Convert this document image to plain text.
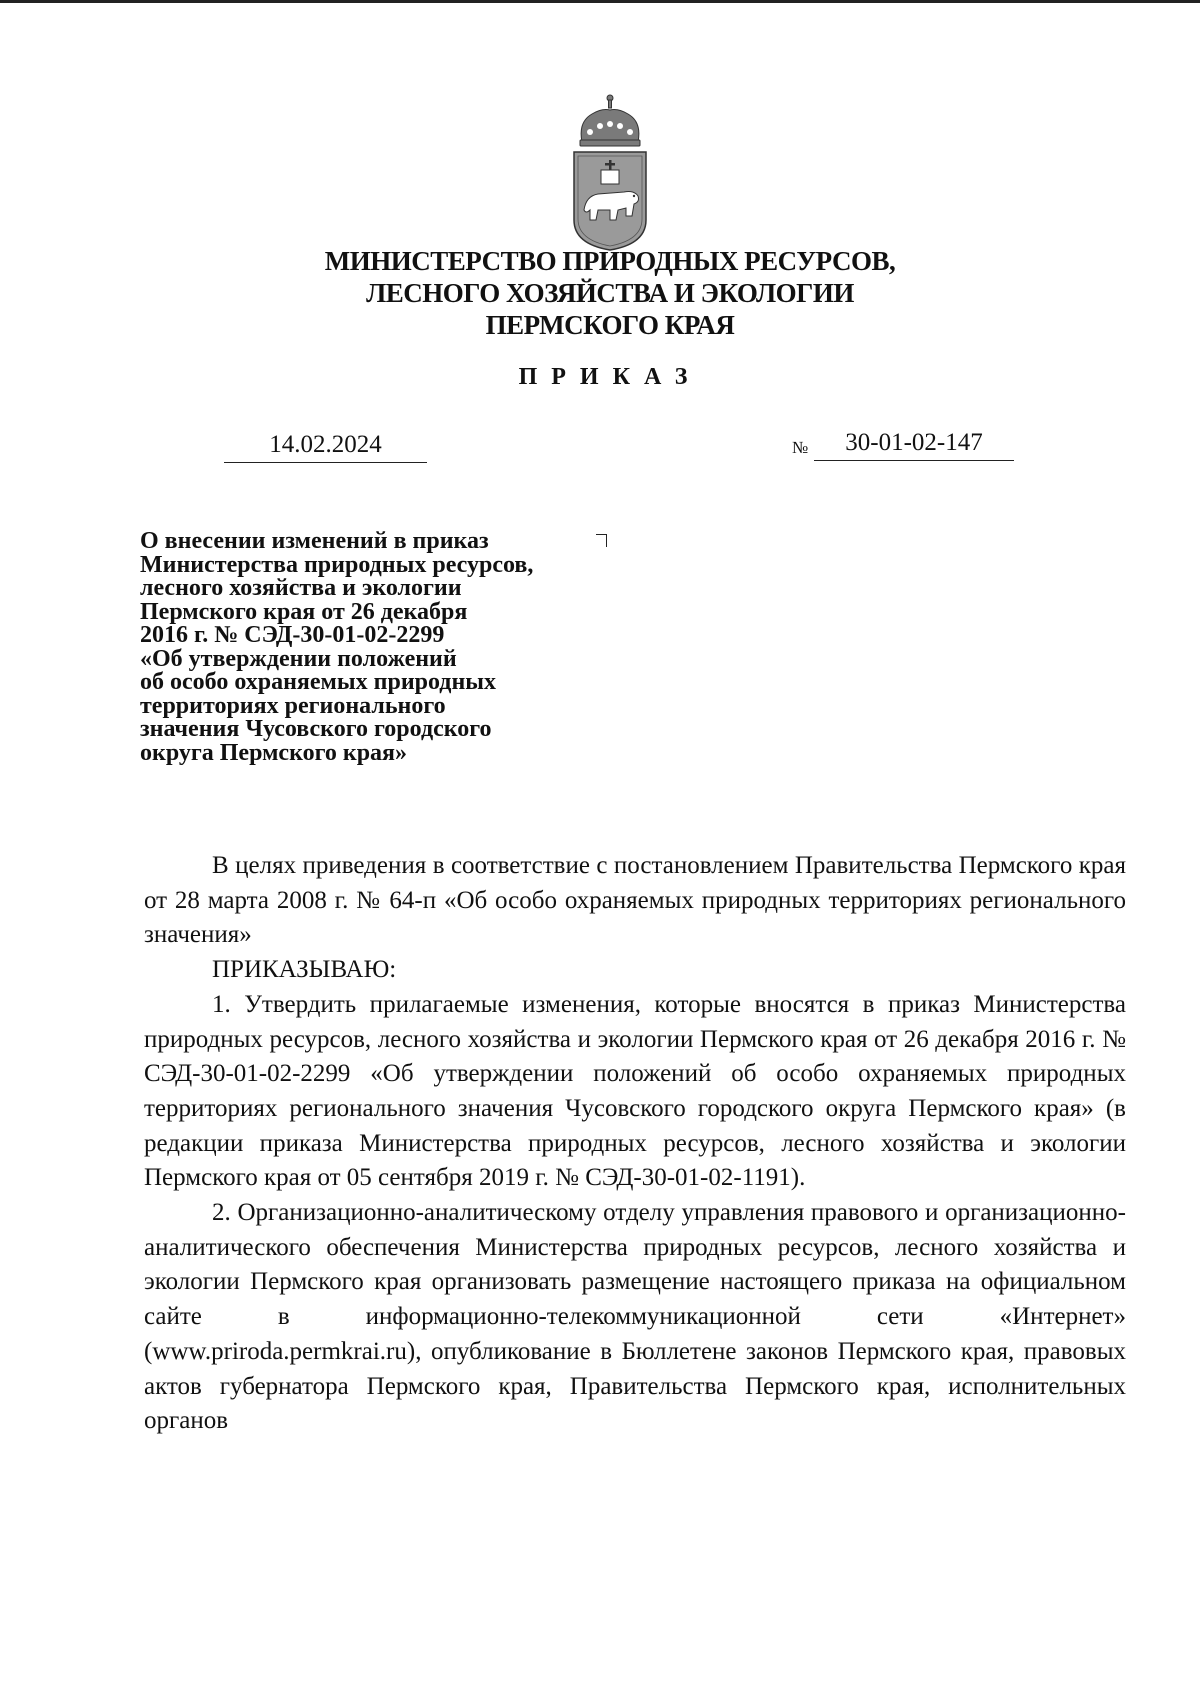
МИНИСТЕРСТВО ПРИРОДНЫХ РЕСУРСОВ,
ЛЕСНОГО ХОЗЯЙСТВА И ЭКОЛОГИИ
ПЕРМСКОГО КРАЯ
ПРИКАЗ
14.02.2024	№	30-01-02-147
О внесении изменений в приказ
Министерства природных ресурсов,
лесного хозяйства и экологии
Пермского края от 26 декабря
2016 г. № СЭД-30-01-02-2299
«Об утверждении положений
об особо охраняемых природных
территориях регионального
значения Чусовского городского
округа Пермского края»

В целях приведения в соответствие с постановлением Правительства Пермского края от 28 марта 2008 г. № 64-п «Об особо охраняемых природных территориях регионального значения»

ПРИКАЗЫВАЮ:

1. Утвердить прилагаемые изменения, которые вносятся в приказ Министерства природных ресурсов, лесного хозяйства и экологии Пермского края от 26 декабря 2016 г. № СЭД-30-01-02-2299 «Об утверждении положений об особо охраняемых природных территориях регионального значения Чусовского городского округа Пермского края» (в редакции приказа Министерства природных ресурсов, лесного хозяйства и экологии Пермского края от 05 сентября 2019 г. № СЭД-30-01-02-1191).

2. Организационно-аналитическому отделу управления правового и организационно-аналитического обеспечения Министерства природных ресурсов, лесного хозяйства и экологии Пермского края организовать размещение настоящего приказа на официальном сайте в информационно-телекоммуникационной сети «Интернет» (www.priroda.permkrai.ru), опубликование в Бюллетене законов Пермского края, правовых актов губернатора Пермского края, Правительства Пермского края, исполнительных органов
